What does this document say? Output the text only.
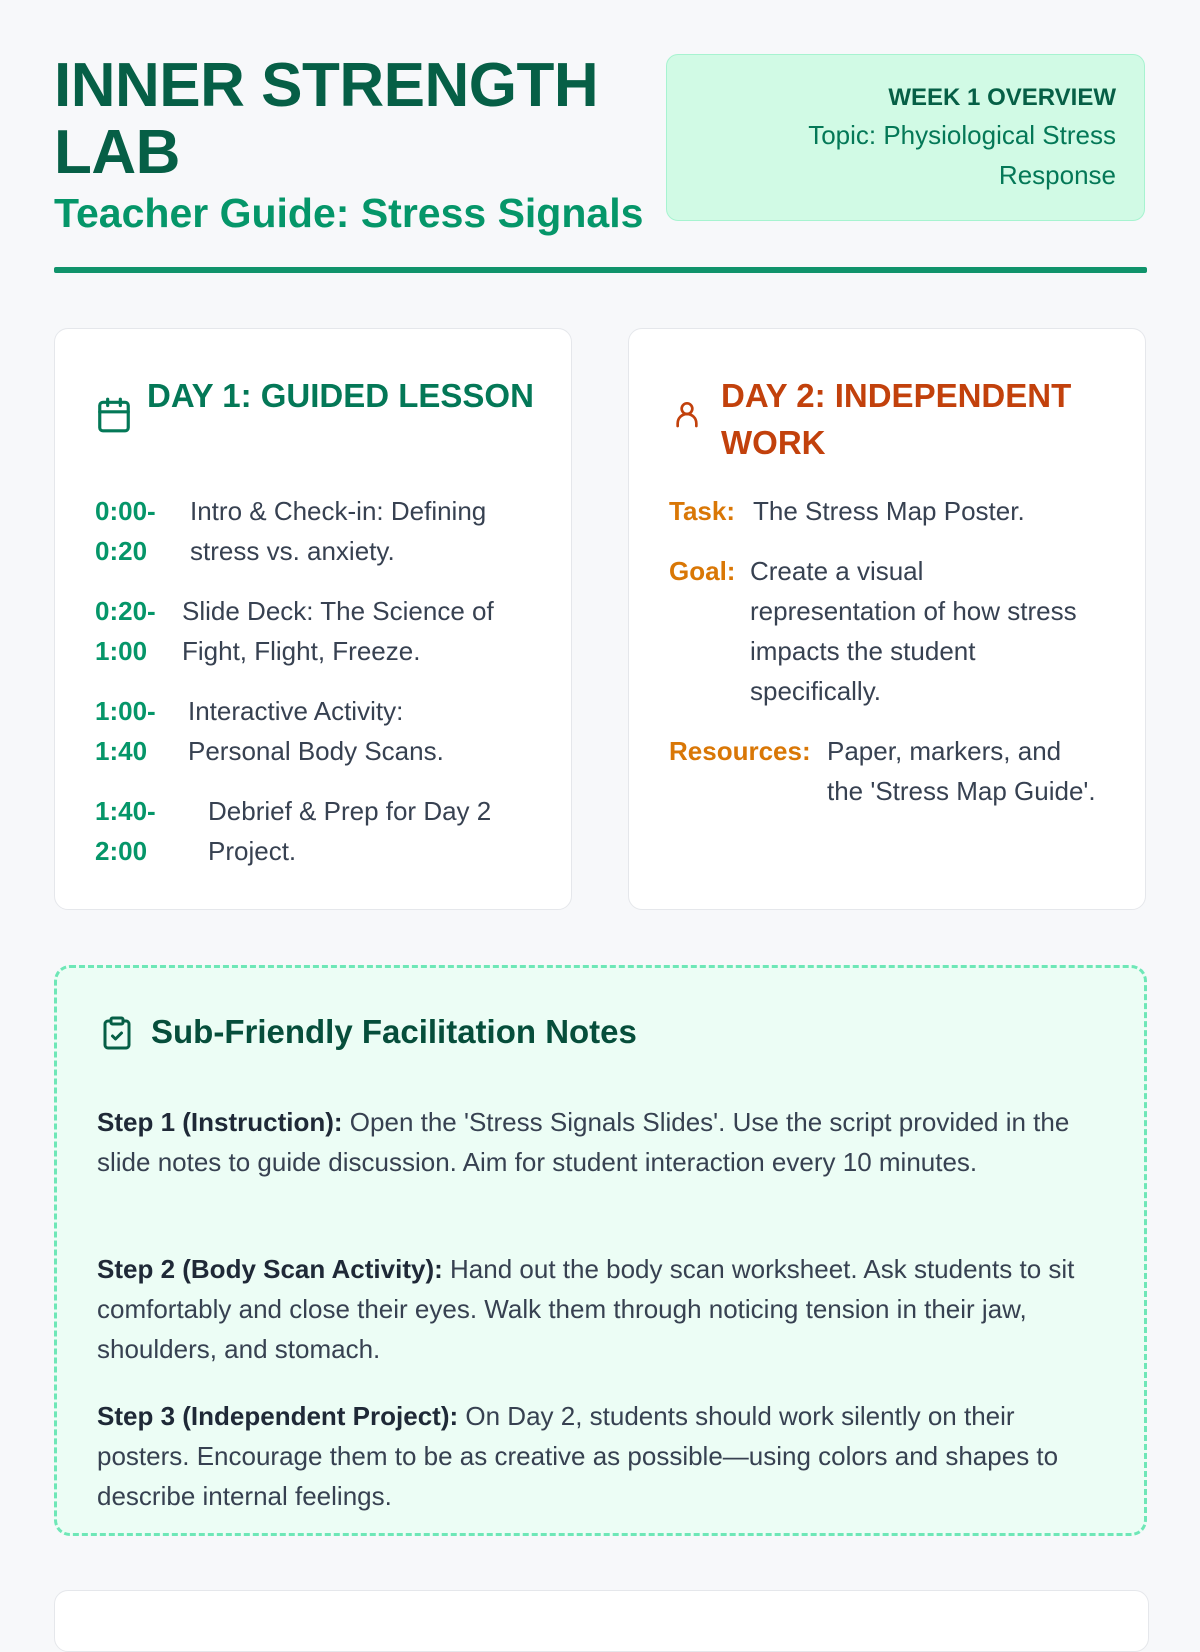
INNER STRENGTH LAB
Teacher Guide: Stress Signals
WEEK 1 OVERVIEW
Topic: Physiological Stress Response
DAY 1: GUIDED LESSON
0:00-0:20
Intro & Check-in: Defining stress vs. anxiety.
0:20-1:00
Slide Deck: The Science of Fight, Flight, Freeze.
1:00-1:40
Interactive Activity: Personal Body Scans.
1:40-2:00
Debrief & Prep for Day 2 Project.
DAY 2: INDEPENDENT WORK
Task: The Stress Map Poster.
Goal: Create a visual representation of how stress impacts the student specifically.
Resources: Paper, markers, and the 'Stress Map Guide'.
Sub-Friendly Facilitation Notes

Step 1 (Instruction): Open the 'Stress Signals Slides'. Use the script provided in the slide notes to guide discussion. Aim for student interaction every 10 minutes.

Step 2 (Body Scan Activity): Hand out the body scan worksheet. Ask students to sit comfortably and close their eyes. Walk them through noticing tension in their jaw, shoulders, and stomach.

Step 3 (Independent Project): On Day 2, students should work silently on their posters. Encourage them to be as creative as possible—using colors and shapes to describe internal feelings.
